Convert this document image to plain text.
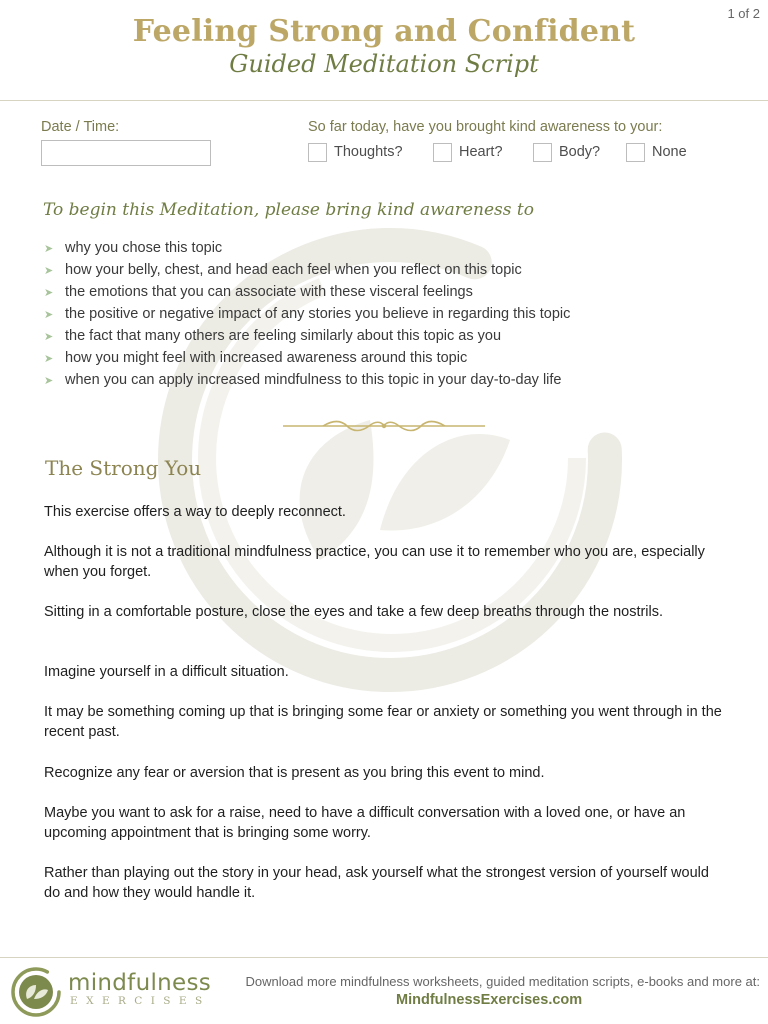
1 of 2
Feeling Strong and Confident
Guided Meditation Script
Date / Time:	So far today, have you brought kind awareness to your:
Thoughts?	Heart?	Body?	None
To begin this Meditation, please bring kind awareness to
➤ why you chose this topic
➤ how your belly, chest, and head each feel when you reflect on this topic
➤ the emotions that you can associate with these visceral feelings
➤ the positive or negative impact of any stories you believe in regarding this topic
➤ the fact that many others are feeling similarly about this topic as you
➤ how you might feel with increased awareness around this topic
➤ when you can apply increased mindfulness to this topic in your day-to-day life
The Strong You

This exercise offers a way to deeply reconnect.

Although it is not a traditional mindfulness practice, you can use it to remember who you are, especially when you forget.

Sitting in a comfortable posture, close the eyes and take a few deep breaths through the nostrils.

Imagine yourself in a difficult situation.

It may be something coming up that is bringing some fear or anxiety or something you went through in the recent past.

Recognize any fear or aversion that is present as you bring this event to mind.

Maybe you want to ask for a raise, need to have a difficult conversation with a loved one, or have an upcoming appointment that is bringing some worry.

Rather than playing out the story in your head, ask yourself what the strongest version of yourself would do and how they would handle it.

mindfulness
EXERCISES
Download more mindfulness worksheets, guided meditation scripts, e-books and more at:
MindfulnessExercises.com
